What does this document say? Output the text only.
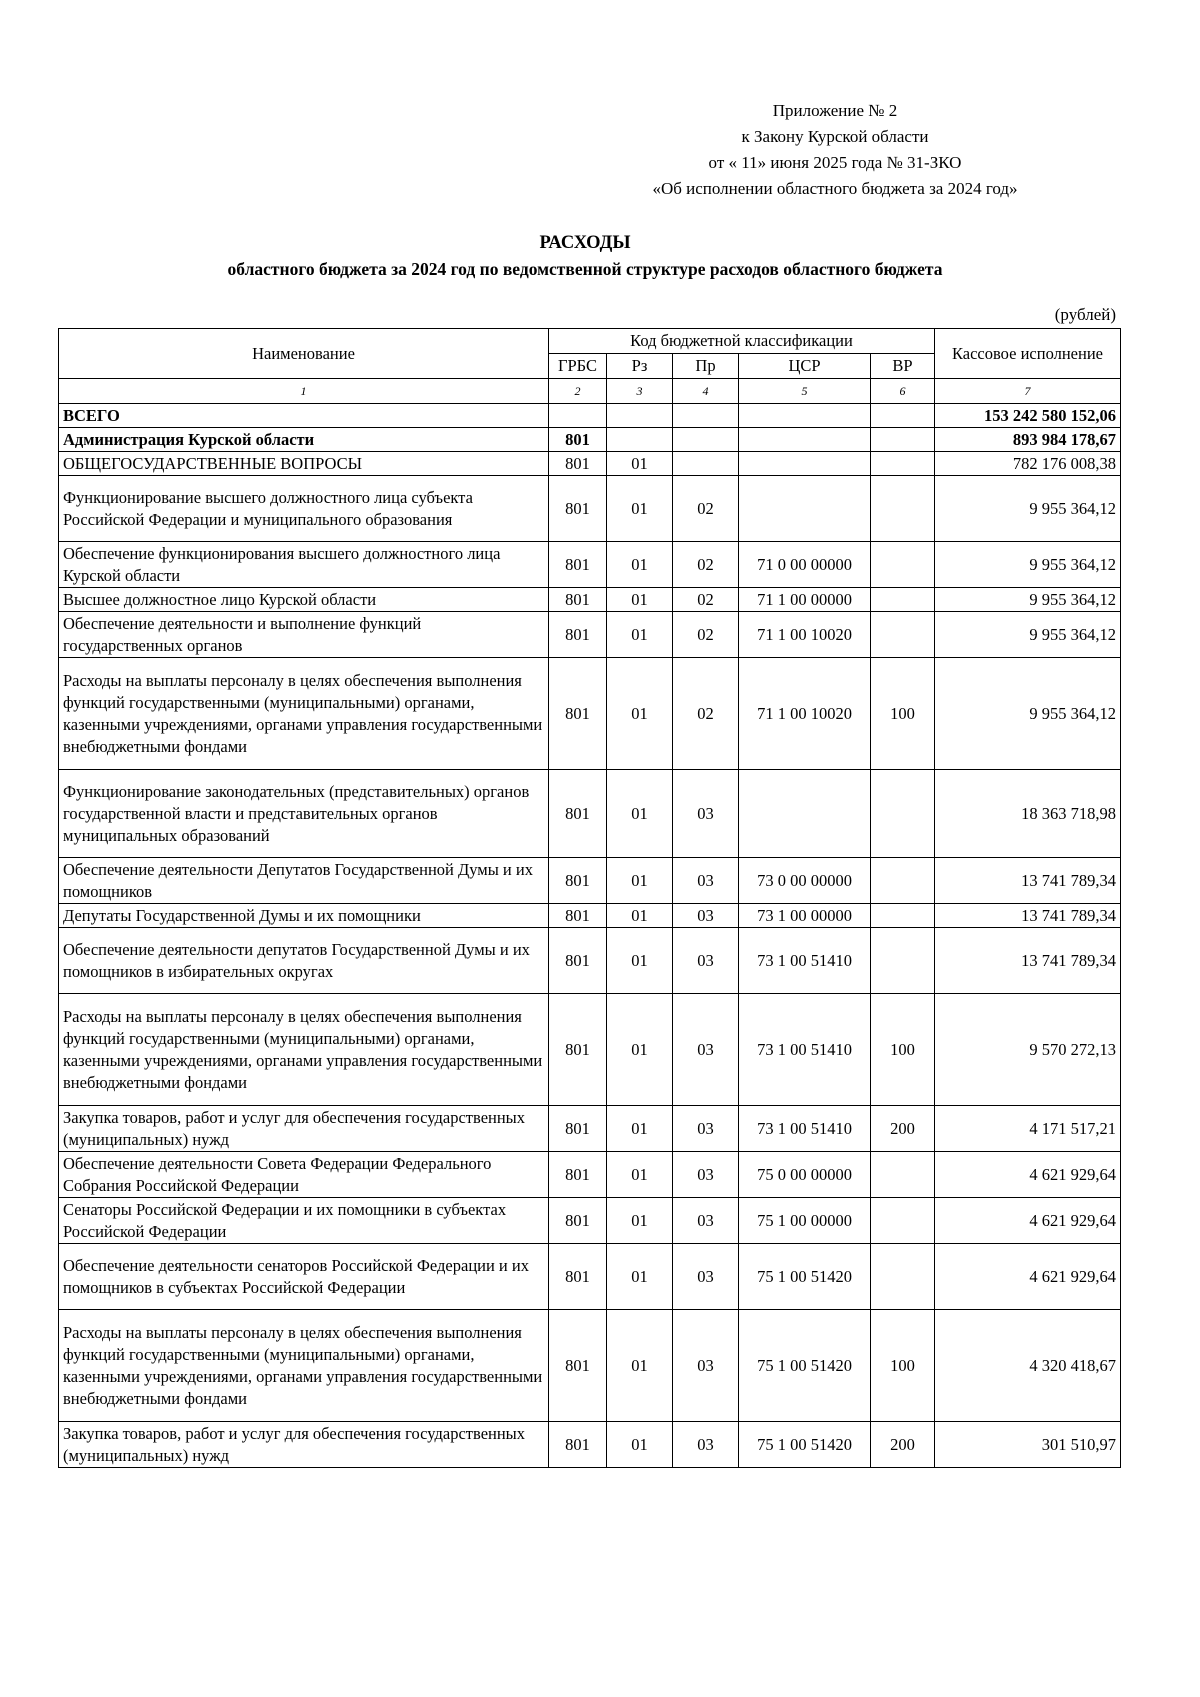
Приложение № 2
к Закону Курской области
от « 11» июня 2025 года № 31-ЗКО
«Об исполнении областного бюджета за 2024 год»
РАСХОДЫ
областного бюджета за 2024 год по ведомственной структуре расходов областного бюджета
(рублей)
Наименование	Код бюджетной классификации					Кассовое исполнение
	ГРБС	Рз	Пр	ЦСР	ВР	
1	2	3	4	5	6	7
ВСЕГО						153 242 580 152,06
Администрация Курской области	801					893 984 178,67
ОБЩЕГОСУДАРСТВЕННЫЕ ВОПРОСЫ	801	01				782 176 008,38
Функционирование высшего должностного лица субъекта Российской Федерации и муниципального образования	801	01	02			9 955 364,12
Обеспечение функционирования высшего должностного лица Курской области	801	01	02	71 0 00 00000		9 955 364,12
Высшее должностное лицо Курской области	801	01	02	71 1 00 00000		9 955 364,12
Обеспечение деятельности и выполнение функций государственных органов	801	01	02	71 1 00 10020		9 955 364,12
Расходы на выплаты персоналу в целях обеспечения выполнения функций государственными (муниципальными) органами, казенными учреждениями, органами управления государственными внебюджетными фондами	801	01	02	71 1 00 10020	100	9 955 364,12
Функционирование законодательных (представительных) органов государственной власти и представительных органов муниципальных образований	801	01	03			18 363 718,98
Обеспечение деятельности Депутатов Государственной Думы и их помощников	801	01	03	73 0 00 00000		13 741 789,34
Депутаты Государственной Думы и их помощники	801	01	03	73 1 00 00000		13 741 789,34
Обеспечение деятельности депутатов Государственной Думы и их помощников в избирательных округах	801	01	03	73 1 00 51410		13 741 789,34
Расходы на выплаты персоналу в целях обеспечения выполнения функций государственными (муниципальными) органами, казенными учреждениями, органами управления государственными внебюджетными фондами	801	01	03	73 1 00 51410	100	9 570 272,13
Закупка товаров, работ и услуг для обеспечения государственных (муниципальных) нужд	801	01	03	73 1 00 51410	200	4 171 517,21
Обеспечение деятельности Совета Федерации Федерального Собрания Российской Федерации	801	01	03	75 0 00 00000		4 621 929,64
Сенаторы Российской Федерации и их помощники в субъектах Российской Федерации	801	01	03	75 1 00 00000		4 621 929,64
Обеспечение деятельности сенаторов Российской Федерации и их помощников в субъектах Российской Федерации	801	01	03	75 1 00 51420		4 621 929,64
Расходы на выплаты персоналу в целях обеспечения выполнения функций государственными (муниципальными) органами, казенными учреждениями, органами управления государственными внебюджетными фондами	801	01	03	75 1 00 51420	100	4 320 418,67
Закупка товаров, работ и услуг для обеспечения государственных (муниципальных) нужд	801	01	03	75 1 00 51420	200	301 510,97
